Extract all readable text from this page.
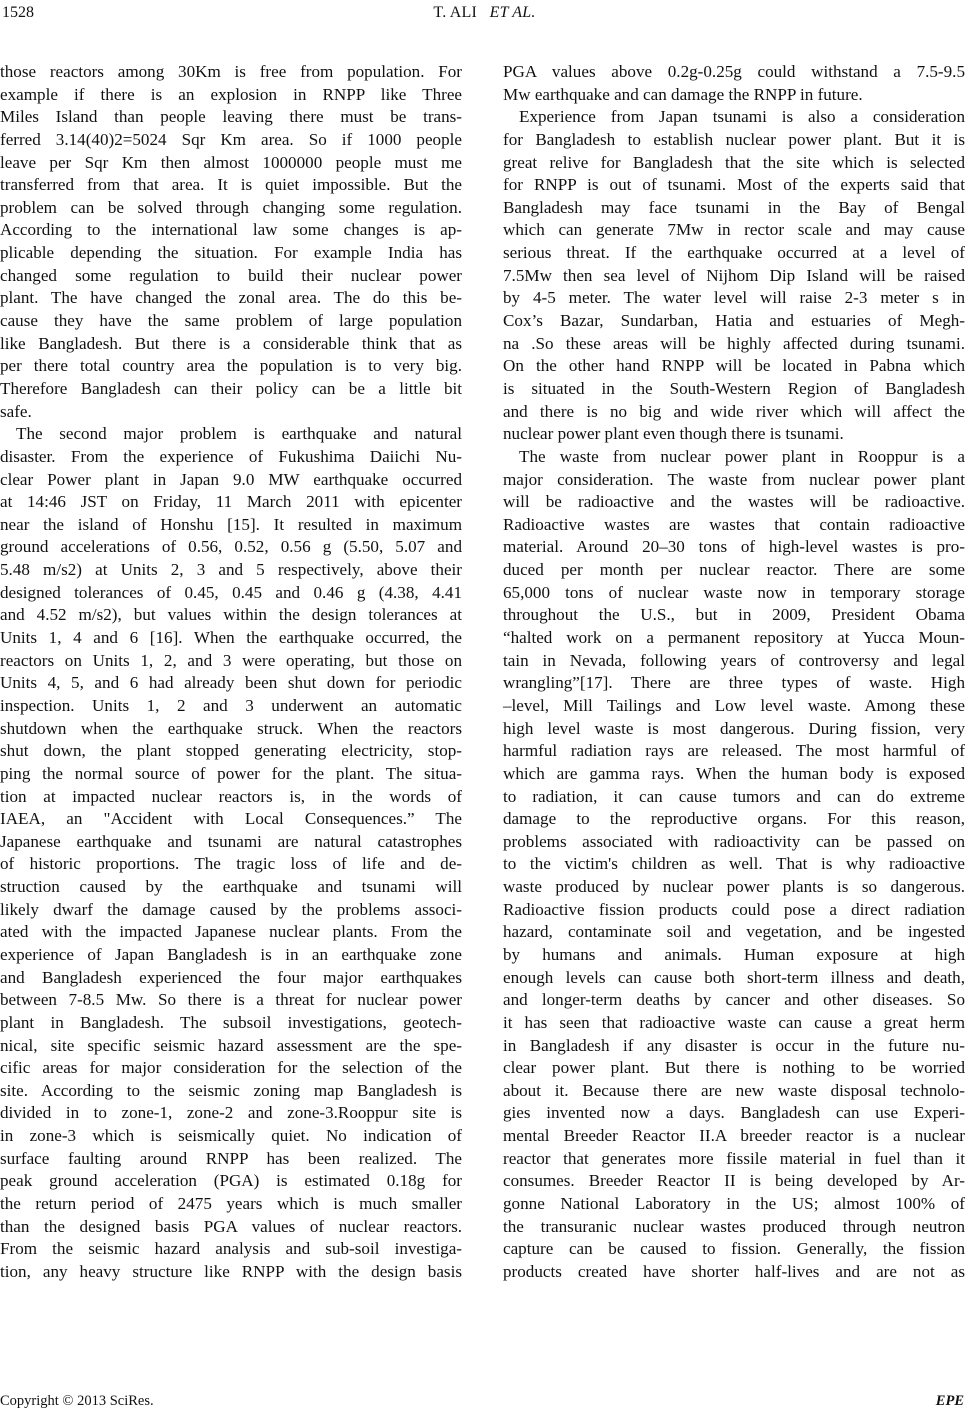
1528	T. ALI ET AL.
those reactors among 30Km is free from population. For
example if there is an explosion in RNPP like Three
Miles Island than people leaving there must be trans-
ferred 3.14(40)2=5024 Sqr Km area. So if 1000 people
leave per Sqr Km then almost 1000000 people must me
transferred from that area. It is quiet impossible. But the
problem can be solved through changing some regulation.
According to the international law some changes is ap-
plicable depending the situation. For example India has
changed some regulation to build their nuclear power
plant. The have changed the zonal area. The do this be-
cause they have the same problem of large population
like Bangladesh. But there is a considerable think that as
per there total country area the population is to very big.
Therefore Bangladesh can their policy can be a little bit
safe.
The second major problem is earthquake and natural
disaster. From the experience of Fukushima Daiichi Nu-
clear Power plant in Japan 9.0 MW earthquake occurred
at 14:46 JST on Friday, 11 March 2011 with epicenter
near the island of Honshu [15]. It resulted in maximum
ground accelerations of 0.56, 0.52, 0.56 g (5.50, 5.07 and
5.48 m/s2) at Units 2, 3 and 5 respectively, above their
designed tolerances of 0.45, 0.45 and 0.46 g (4.38, 4.41
and 4.52 m/s2), but values within the design tolerances at
Units 1, 4 and 6 [16]. When the earthquake occurred, the
reactors on Units 1, 2, and 3 were operating, but those on
Units 4, 5, and 6 had already been shut down for periodic
inspection. Units 1, 2 and 3 underwent an automatic
shutdown when the earthquake struck. When the reactors
shut down, the plant stopped generating electricity, stop-
ping the normal source of power for the plant. The situa-
tion at impacted nuclear reactors is, in the words of
IAEA, an "Accident with Local Consequences.” The
Japanese earthquake and tsunami are natural catastrophes
of historic proportions. The tragic loss of life and de-
struction caused by the earthquake and tsunami will
likely dwarf the damage caused by the problems associ-
ated with the impacted Japanese nuclear plants. From the
experience of Japan Bangladesh is in an earthquake zone
and Bangladesh experienced the four major earthquakes
between 7-8.5 Mw. So there is a threat for nuclear power
plant in Bangladesh. The subsoil investigations, geotech-
nical, site specific seismic hazard assessment are the spe-
cific areas for major consideration for the selection of the
site. According to the seismic zoning map Bangladesh is
divided in to zone-1, zone-2 and zone-3.Rooppur site is
in zone-3 which is seismically quiet. No indication of
surface faulting around RNPP has been realized. The
peak ground acceleration (PGA) is estimated 0.18g for
the return period of 2475 years which is much smaller
than the designed basis PGA values of nuclear reactors.
From the seismic hazard analysis and sub-soil investiga-
tion, any heavy structure like RNPP with the design basis
PGA values above 0.2g-0.25g could withstand a 7.5-9.5
Mw earthquake and can damage the RNPP in future.
Experience from Japan tsunami is also a consideration
for Bangladesh to establish nuclear power plant. But it is
great relive for Bangladesh that the site which is selected
for RNPP is out of tsunami. Most of the experts said that
Bangladesh may face tsunami in the Bay of Bengal
which can generate 7Mw in rector scale and may cause
serious threat. If the earthquake occurred at a level of
7.5Mw then sea level of Nijhom Dip Island will be raised
by 4-5 meter. The water level will raise 2-3 meter s in
Cox’s Bazar, Sundarban, Hatia and estuaries of Megh-
na .So these areas will be highly affected during tsunami.
On the other hand RNPP will be located in Pabna which
is situated in the South-Western Region of Bangladesh
and there is no big and wide river which will affect the
nuclear power plant even though there is tsunami.
The waste from nuclear power plant in Rooppur is a
major consideration. The waste from nuclear power plant
will be radioactive and the wastes will be radioactive.
Radioactive wastes are wastes that contain radioactive
material. Around 20–30 tons of high-level wastes is pro-
duced per month per nuclear reactor. There are some
65,000 tons of nuclear waste now in temporary storage
throughout the U.S., but in 2009, President Obama
“halted work on a permanent repository at Yucca Moun-
tain in Nevada, following years of controversy and legal
wrangling”[17]. There are three types of waste. High
–level, Mill Tailings and Low level waste. Among these
high level waste is most dangerous. During fission, very
harmful radiation rays are released. The most harmful of
which are gamma rays. When the human body is exposed
to radiation, it can cause tumors and can do extreme
damage to the reproductive organs. For this reason,
problems associated with radioactivity can be passed on
to the victim's children as well. That is why radioactive
waste produced by nuclear power plants is so dangerous.
Radioactive fission products could pose a direct radiation
hazard, contaminate soil and vegetation, and be ingested
by humans and animals. Human exposure at high
enough levels can cause both short-term illness and death,
and longer-term deaths by cancer and other diseases. So
it has seen that radioactive waste can cause a great herm
in Bangladesh if any disaster is occur in the future nu-
clear power plant. But there is nothing to be worried
about it. Because there are new waste disposal technolo-
gies invented now a days. Bangladesh can use Experi-
mental Breeder Reactor II.A breeder reactor is a nuclear
reactor that generates more fissile material in fuel than it
consumes. Breeder Reactor II is being developed by Ar-
gonne National Laboratory in the US; almost 100% of
the transuranic nuclear wastes produced through neutron
capture can be caused to fission. Generally, the fission
products created have shorter half-lives and are not as
Copyright © 2013 SciRes.	EPE
